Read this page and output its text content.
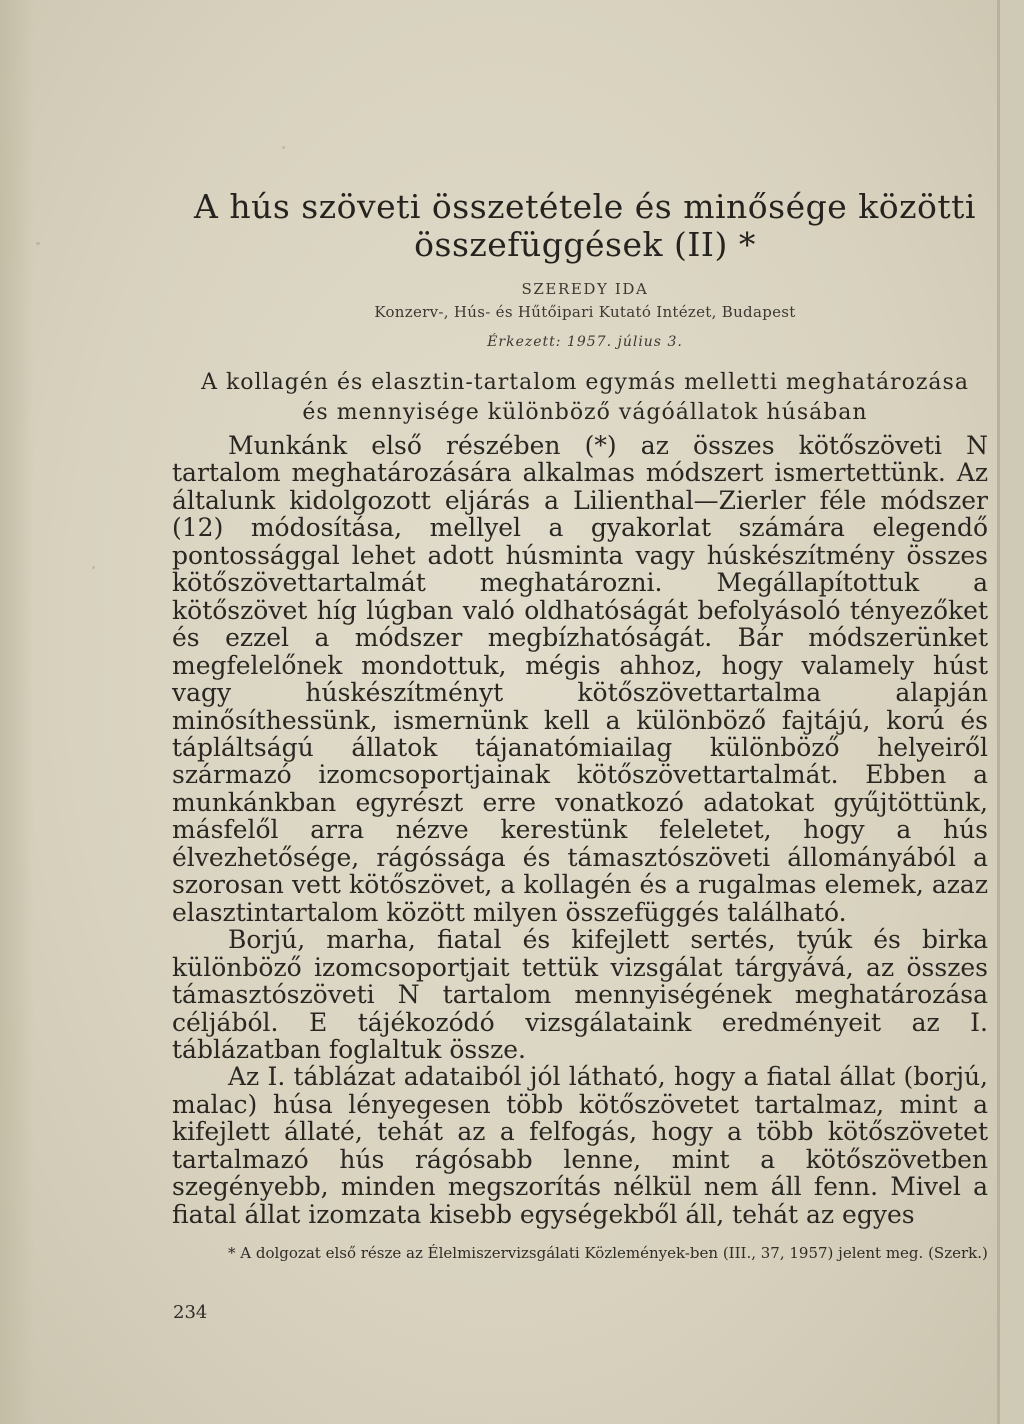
A hús szöveti összetétele és minősége közötti
összefüggések (II) *
SZEREDY IDA
Konzerv-, Hús- és Hűtőipari Kutató Intézet, Budapest
Érkezett: 1957. július 3.
A kollagén és elasztin-tartalom egymás melletti meghatározása
és mennyisége különböző vágóállatok húsában

Munkánk első részében (*) az összes kötőszöveti N tartalom meghatározására alkalmas módszert ismertettünk. Az általunk kidolgozott eljárás a Lilienthal—Zierler féle módszer (12) módosítása, mellyel a gyakorlat számára elegendő pontossággal lehet adott húsminta vagy húskészítmény összes kötőszövettartalmát meghatározni. Megállapítottuk a kötőszövet híg lúgban való oldhatóságát befolyásoló tényezőket és ezzel a módszer megbízhatóságát. Bár módszerünket megfelelőnek mondottuk, mégis ahhoz, hogy valamely húst vagy húskészítményt kötőszövettartalma alapján minősíthessünk, ismernünk kell a különböző fajtájú, korú és tápláltságú állatok tájanatómiailag különböző helyeiről származó izomcsoportjainak kötőszövettartalmát. Ebben a munkánkban egyrészt erre vonatkozó adatokat gyűjtöttünk, másfelől arra nézve kerestünk feleletet, hogy a hús élvezhetősége, rágóssága és támasztószöveti állományából a szorosan vett kötőszövet, a kollagén és a rugalmas elemek, azaz elasztintartalom között milyen összefüggés található.

Borjú, marha, fiatal és kifejlett sertés, tyúk és birka különböző izomcsoportjait tettük vizsgálat tárgyává, az összes támasztószöveti N tartalom mennyiségének meghatározása céljából. E tájékozódó vizsgálataink eredményeit az I. táblázatban foglaltuk össze.

Az I. táblázat adataiból jól látható, hogy a fiatal állat (borjú, malac) húsa lényegesen több kötőszövetet tartalmaz, mint a kifejlett állaté, tehát az a felfogás, hogy a több kötőszövetet tartalmazó hús rágósabb lenne, mint a kötőszövetben szegényebb, minden megszorítás nélkül nem áll fenn. Mivel a fiatal állat izomzata kisebb egységekből áll, tehát az egyes

* A dolgozat első része az Élelmiszervizsgálati Közlemények-ben (III., 37, 1957) jelent meg. (Szerk.)
234
